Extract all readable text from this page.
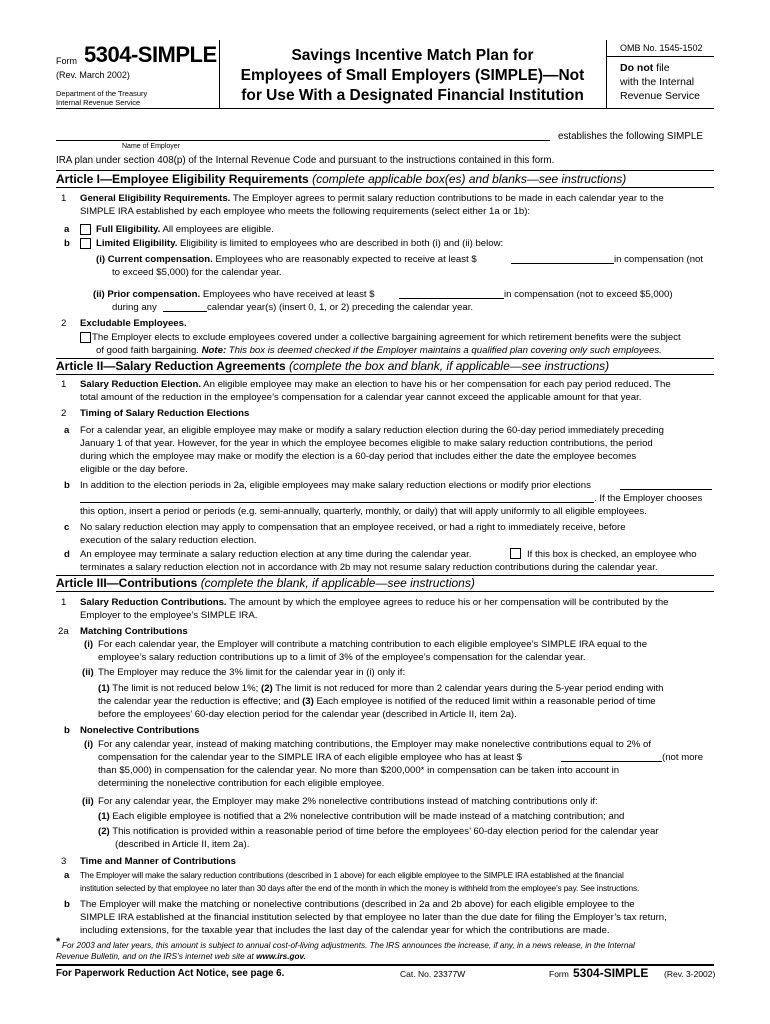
Form 5304-SIMPLE
(Rev. March 2002)
Department of the Treasury
Internal Revenue Service
Savings Incentive Match Plan for
Employees of Small Employers (SIMPLE)—Not
for Use With a Designated Financial Institution
OMB No. 1545-1502
Do not file
with the Internal
Revenue Service
establishes the following SIMPLE
Name of Employer
IRA plan under section 408(p) of the Internal Revenue Code and pursuant to the instructions contained in this form.
Article I—Employee Eligibility Requirements (complete applicable box(es) and blanks—see instructions)
1 General Eligibility Requirements. The Employer agrees to permit salary reduction contributions to be made in each calendar year to the
SIMPLE IRA established by each employee who meets the following requirements (select either 1a or 1b):
a	Full Eligibility. All employees are eligible.
b	Limited Eligibility. Eligibility is limited to employees who are described in both (i) and (ii) below:
(i) Current compensation. Employees who are reasonably expected to receive at least $	in compensation (not
to exceed $5,000) for the calendar year.
(ii) Prior compensation. Employees who have received at least $	in compensation (not to exceed $5,000)
during any	calendar year(s) (insert 0, 1, or 2) preceding the calendar year.
2 Excludable Employees.
The Employer elects to exclude employees covered under a collective bargaining agreement for which retirement benefits were the subject
of good faith bargaining. Note: This box is deemed checked if the Employer maintains a qualified plan covering only such employees.
Article II—Salary Reduction Agreements (complete the box and blank, if applicable—see instructions)
1 Salary Reduction Election. An eligible employee may make an election to have his or her compensation for each pay period reduced. The
total amount of the reduction in the employee’s compensation for a calendar year cannot exceed the applicable amount for that year.
2 Timing of Salary Reduction Elections
a For a calendar year, an eligible employee may make or modify a salary reduction election during the 60-day period immediately preceding
January 1 of that year. However, for the year in which the employee becomes eligible to make salary reduction contributions, the period
during which the employee may make or modify the election is a 60-day period that includes either the date the employee becomes
eligible or the day before.
b In addition to the election periods in 2a, eligible employees may make salary reduction elections or modify prior elections
. If the Employer chooses
this option, insert a period or periods (e.g. semi-annually, quarterly, monthly, or daily) that will apply uniformly to all eligible employees.
c No salary reduction election may apply to compensation that an employee received, or had a right to immediately receive, before
execution of the salary reduction election.
d An employee may terminate a salary reduction election at any time during the calendar year.	If this box is checked, an employee who
terminates a salary reduction election not in accordance with 2b may not resume salary reduction contributions during the calendar year.
Article III—Contributions (complete the blank, if applicable—see instructions)
1 Salary Reduction Contributions. The amount by which the employee agrees to reduce his or her compensation will be contributed by the
Employer to the employee’s SIMPLE IRA.
2a Matching Contributions
(i) For each calendar year, the Employer will contribute a matching contribution to each eligible employee’s SIMPLE IRA equal to the
employee’s salary reduction contributions up to a limit of 3% of the employee’s compensation for the calendar year.
(ii) The Employer may reduce the 3% limit for the calendar year in (i) only if:
(1) The limit is not reduced below 1%; (2) The limit is not reduced for more than 2 calendar years during the 5-year period ending with
the calendar year the reduction is effective; and (3) Each employee is notified of the reduced limit within a reasonable period of time
before the employees’ 60-day election period for the calendar year (described in Article II, item 2a).
b Nonelective Contributions
(i) For any calendar year, instead of making matching contributions, the Employer may make nonelective contributions equal to 2% of
compensation for the calendar year to the SIMPLE IRA of each eligible employee who has at least $	(not more
than $5,000) in compensation for the calendar year. No more than $200,000* in compensation can be taken into account in
determining the nonelective contribution for each eligible employee.
(ii) For any calendar year, the Employer may make 2% nonelective contributions instead of matching contributions only if:
(1) Each eligible employee is notified that a 2% nonelective contribution will be made instead of a matching contribution; and
(2) This notification is provided within a reasonable period of time before the employees’ 60-day election period for the calendar year
(described in Article II, item 2a).
3 Time and Manner of Contributions
a The Employer will make the salary reduction contributions (described in 1 above) for each eligible employee to the SIMPLE IRA established at the financial
institution selected by that employee no later than 30 days after the end of the month in which the money is withheld from the employee’s pay. See instructions.
b The Employer will make the matching or nonelective contributions (described in 2a and 2b above) for each eligible employee to the
SIMPLE IRA established at the financial institution selected by that employee no later than the due date for filing the Employer’s tax return,
including extensions, for the taxable year that includes the last day of the calendar year for which the contributions are made.
* For 2003 and later years, this amount is subject to annual cost-of-living adjustments. The IRS announces the increase, if any, in a news release, in the Internal
Revenue Bulletin, and on the IRS’s internet web site at www.irs.gov.
For Paperwork Reduction Act Notice, see page 6.	Cat. No. 23377W	Form 5304-SIMPLE (Rev. 3-2002)
